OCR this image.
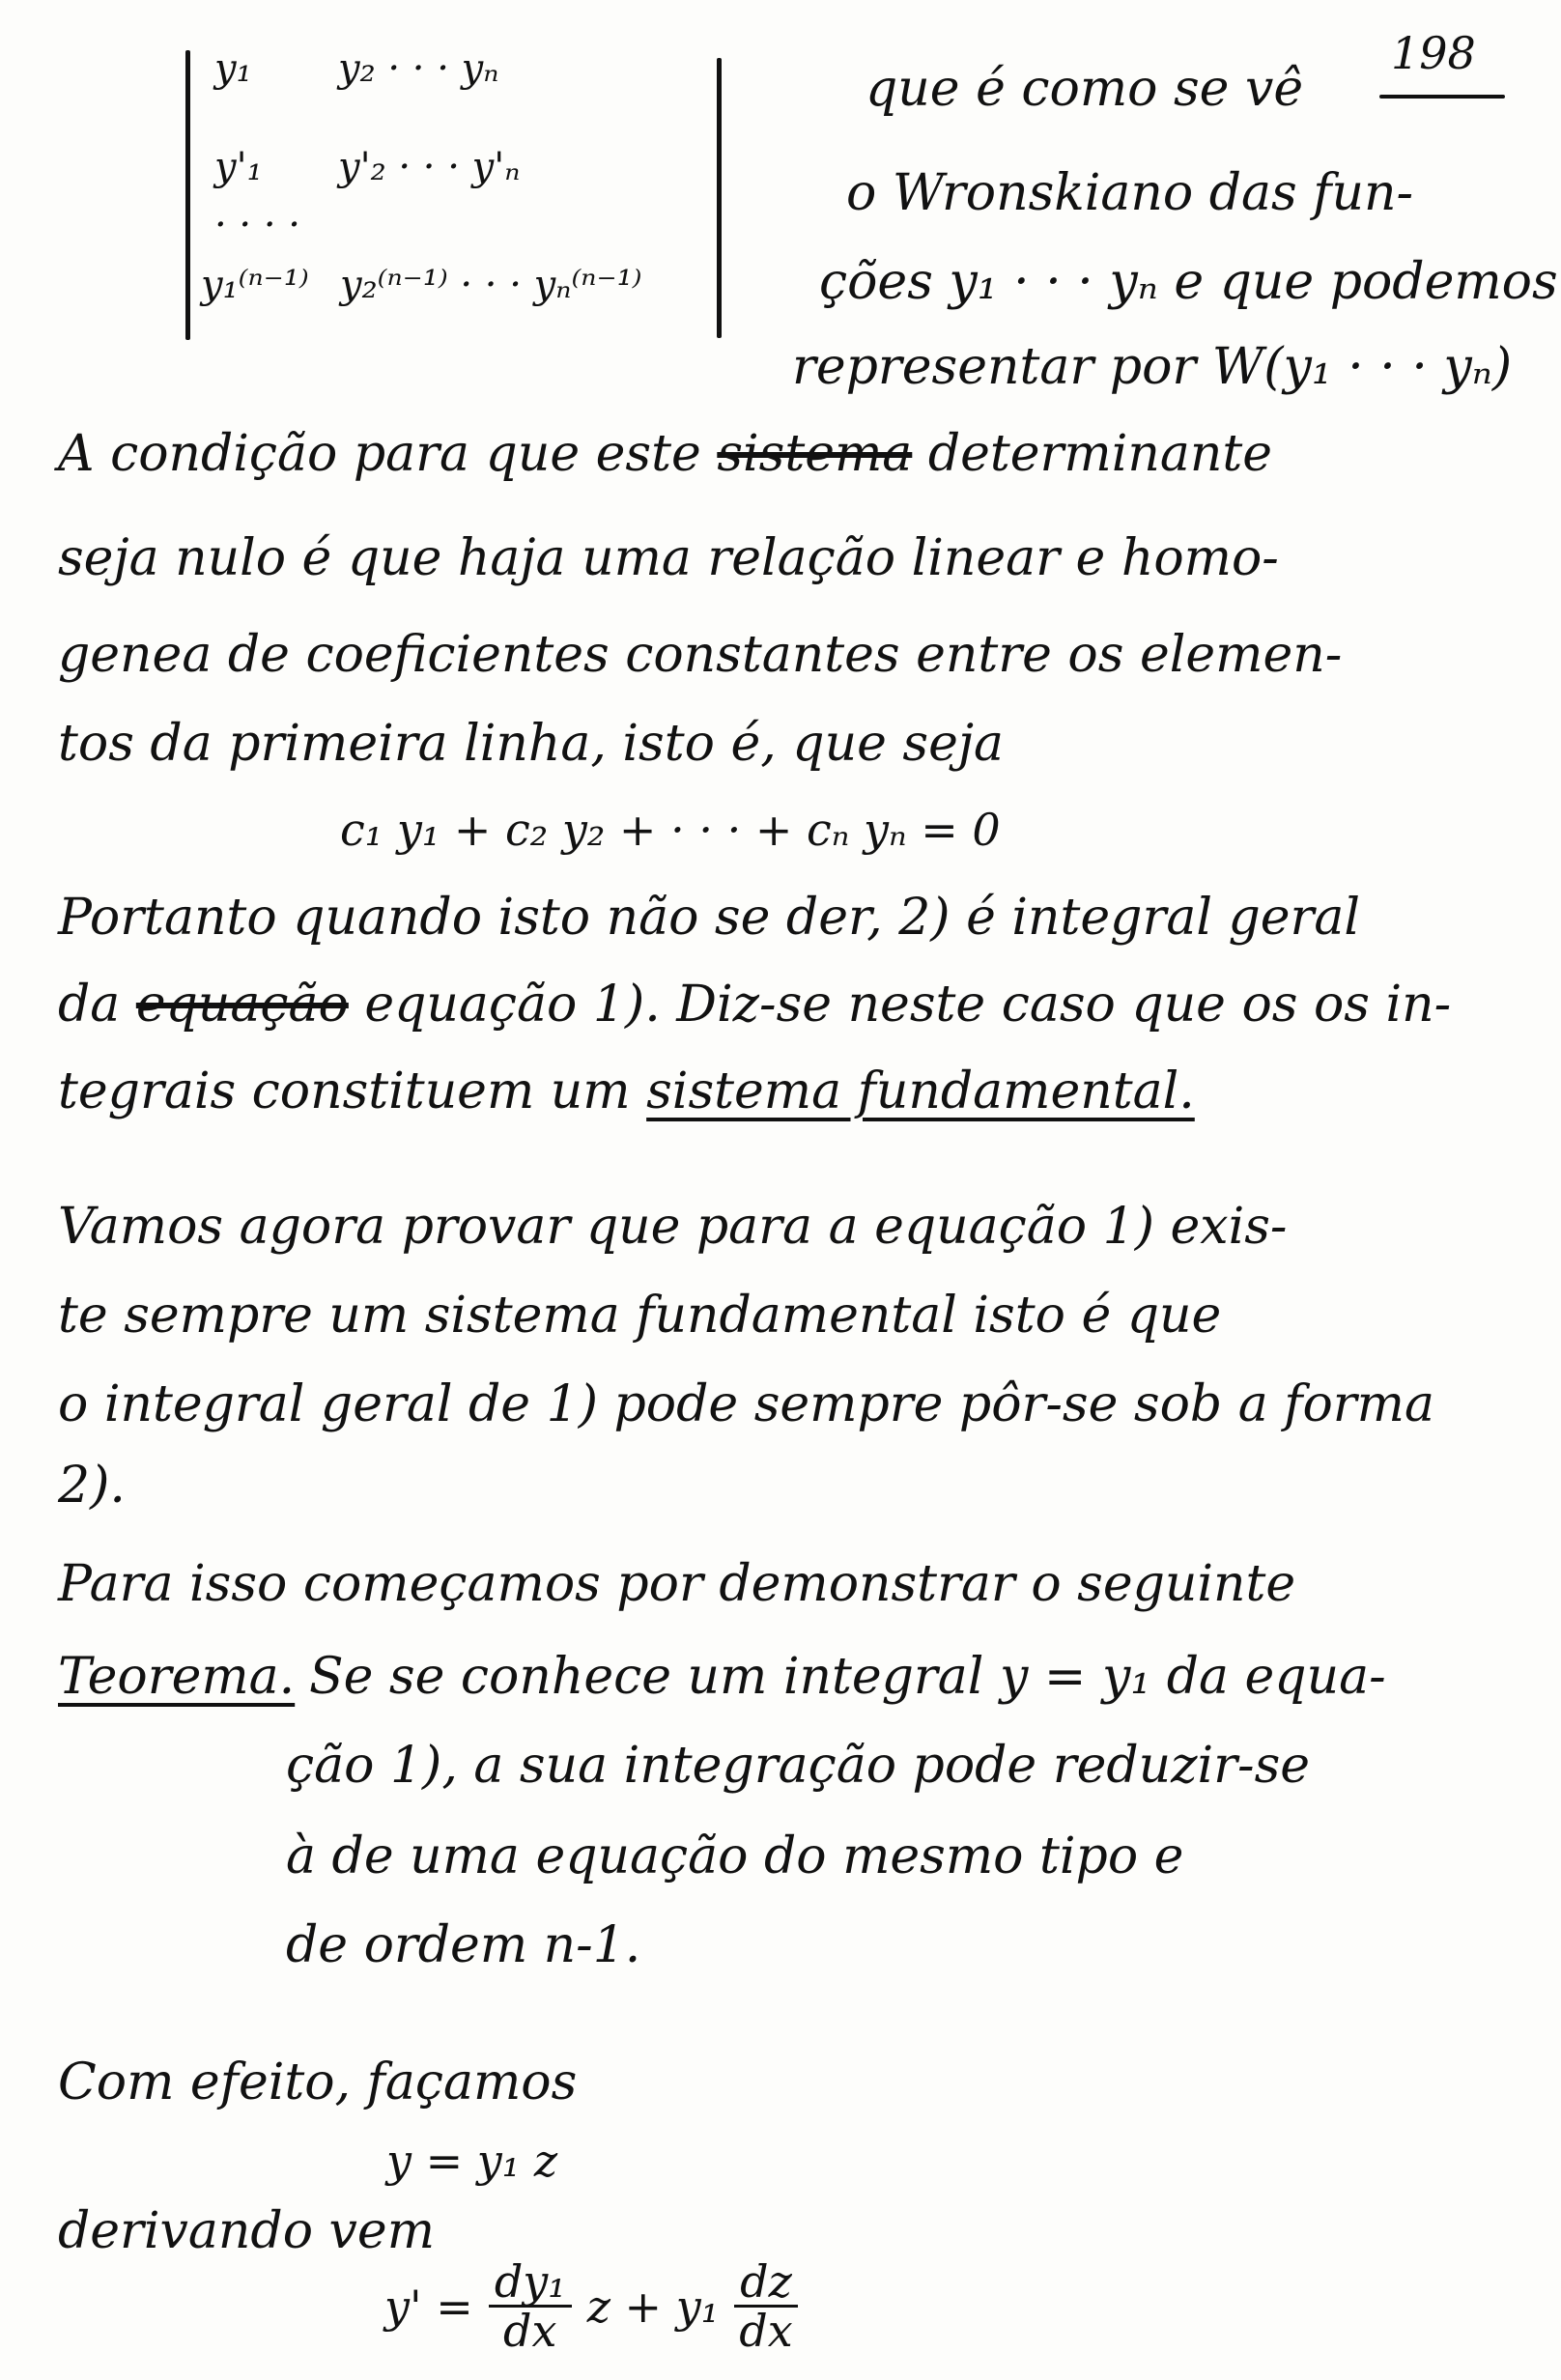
198
y₁ y₂ · · · yₙ
y'₁ y'₂ · · · y'ₙ
· · · ·
y₁⁽ⁿ⁻¹⁾ y₂⁽ⁿ⁻¹⁾ · · · yₙ⁽ⁿ⁻¹⁾
que é como se vê
o Wronskiano das fun-
ções y₁ · · · yₙ e que podemos
representar por W(y₁ · · · yₙ)
A condição para que este sistema determinante
seja nulo é que haja uma relação linear e homo-
genea de coeficientes constantes entre os elemen-
tos da primeira linha, isto é, que seja
c₁ y₁ + c₂ y₂ + · · · + cₙ yₙ = 0
Portanto quando isto não se der, 2) é integral geral
da equação equação 1). Diz-se neste caso que os os in-
tegrais constituem um sistema fundamental.
Vamos agora provar que para a equação 1) exis-
te sempre um sistema fundamental isto é que
o integral geral de 1) pode sempre pôr-se sob a forma
2).
Para isso começamos por demonstrar o seguinte
Teorema. Se se conhece um integral y = y₁ da equa-
ção 1), a sua integração pode reduzir-se
à de uma equação do mesmo tipo e
de ordem n-1.
Com efeito, façamos
y = y₁ z
derivando vem
$y' = \frac{\text{dy₁}}{dx}$ $z + y_1 \frac{dz}{dx}$
